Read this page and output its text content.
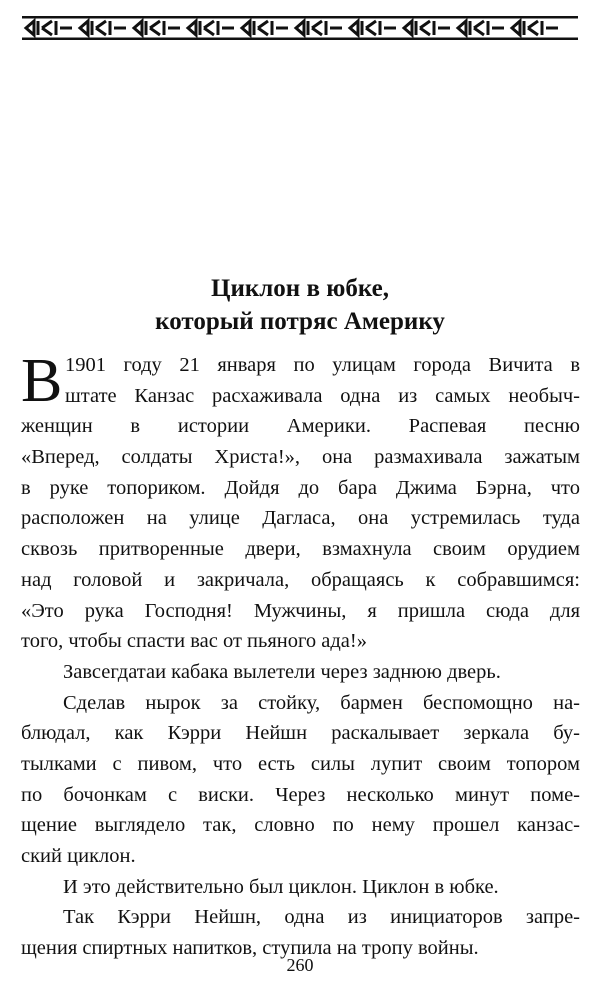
Циклон в юбке,
который потряс Америку
В 1901 году 21 января по улицам города Вичита в
штате Канзас расхаживала одна из самых необыч-
женщин в истории Америки. Распевая песню
«Вперед, солдаты Христа!», она размахивала зажатым
в руке топориком. Дойдя до бара Джима Бэрна, что
расположен на улице Дагласа, она устремилась туда
сквозь притворенные двери, взмахнула своим орудием
над головой и закричала, обращаясь к собравшимся:
«Это рука Господня! Мужчины, я пришла сюда для
того, чтобы спасти вас от пьяного ада!»
Завсегдатаи кабака вылетели через заднюю дверь.
Сделав нырок за стойку, бармен беспомощно на-
блюдал, как Кэрри Нейшн раскалывает зеркала бу-
тылками с пивом, что есть силы лупит своим топором
по бочонкам с виски. Через несколько минут поме-
щение выглядело так, словно по нему прошел канзас-
ский циклон.
И это действительно был циклон. Циклон в юбке.
Так Кэрри Нейшн, одна из инициаторов запре-
щения спиртных напитков, ступила на тропу войны.
260
